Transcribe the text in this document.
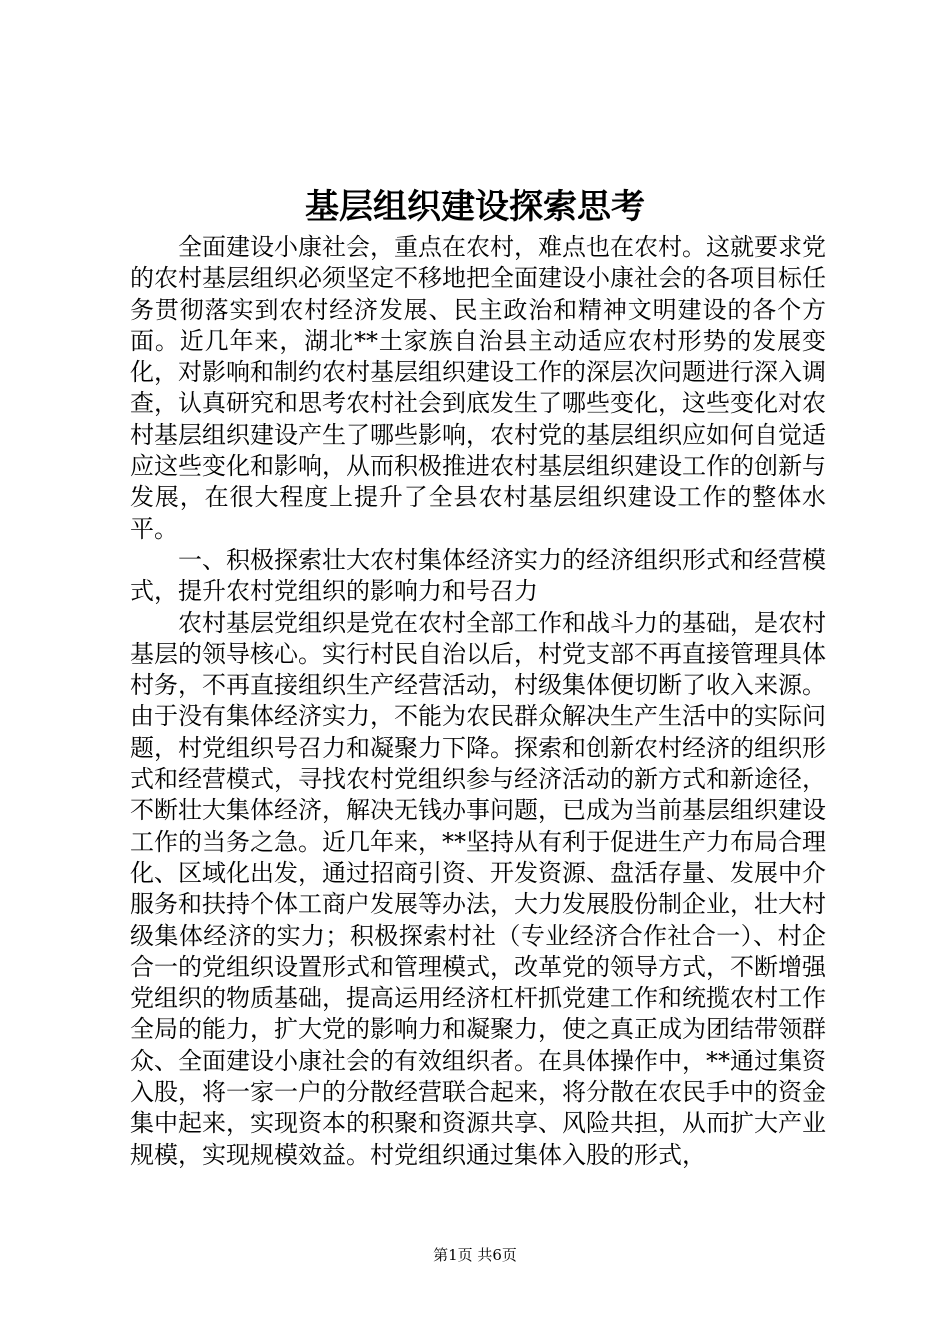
基层组织建设探索思考

全面建设小康社会，重点在农村，难点也在农村。这就要求党的农村基层组织必须坚定不移地把全面建设小康社会的各项目标任务贯彻落实到农村经济发展、民主政治和精神文明建设的各个方面。近几年来，湖北**土家族自治县主动适应农村形势的发展变化，对影响和制约农村基层组织建设工作的深层次问题进行深入调查，认真研究和思考农村社会到底发生了哪些变化，这些变化对农村基层组织建设产生了哪些影响，农村党的基层组织应如何自觉适应这些变化和影响，从而积极推进农村基层组织建设工作的创新与发展，在很大程度上提升了全县农村基层组织建设工作的整体水平。

一、积极探索壮大农村集体经济实力的经济组织形式和经营模式，提升农村党组织的影响力和号召力

农村基层党组织是党在农村全部工作和战斗力的基础，是农村基层的领导核心。实行村民自治以后，村党支部不再直接管理具体村务，不再直接组织生产经营活动，村级集体便切断了收入来源。由于没有集体经济实力，不能为农民群众解决生产生活中的实际问题，村党组织号召力和凝聚力下降。探索和创新农村经济的组织形式和经营模式，寻找农村党组织参与经济活动的新方式和新途径，不断壮大集体经济，解决无钱办事问题，已成为当前基层组织建设工作的当务之急。近几年来，**坚持从有利于促进生产力布局合理化、区域化出发，通过招商引资、开发资源、盘活存量、发展中介服务和扶持个体工商户发展等办法，大力发展股份制企业，壮大村级集体经济的实力；积极探索村社（专业经济合作社合一）、村企合一的党组织设置形式和管理模式，改革党的领导方式，不断增强党组织的物质基础，提高运用经济杠杆抓党建工作和统揽农村工作全局的能力，扩大党的影响力和凝聚力，使之真正成为团结带领群众、全面建设小康社会的有效组织者。在具体操作中，**通过集资入股，将一家一户的分散经营联合起来，将分散在农民手中的资金集中起来，实现资本的积聚和资源共享、风险共担，从而扩大产业规模，实现规模效益。村党组织通过集体入股的形式，

第1页 共6页
